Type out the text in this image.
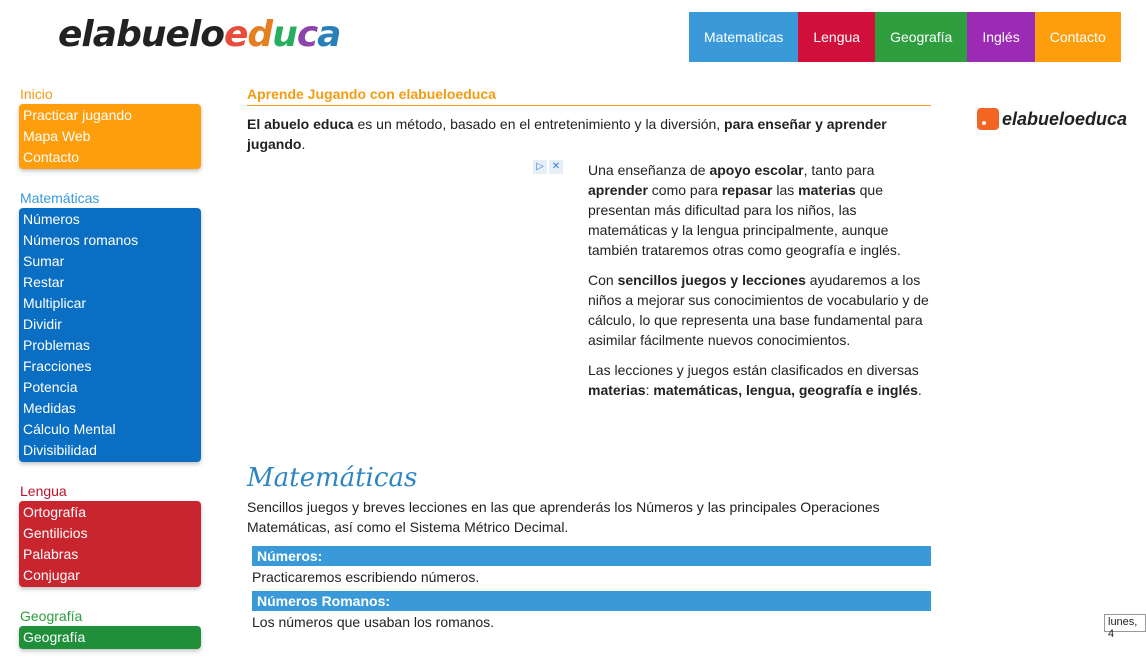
elabueloeduca	Matematicas	Lengua	Geografía	Inglés	Contacto
Inicio
Practicar jugando
Mapa Web
Contacto
Matemáticas
Números
Números romanos
Sumar
Restar
Multiplicar
Dividir
Problemas
Fracciones
Potencia
Medidas
Cálculo Mental
Divisibilidad
Lengua
Ortografía
Gentilicios
Palabras
Conjugar
Geografía
Geografía
Aprende Jugando con elabueloeduca

El abuelo educa es un método, basado en el entretenimiento y la diversión, para enseñar y aprender jugando.

▷ ✕ Una enseñanza de apoyo escolar, tanto para aprender como para repasar las materias que presentan más dificultad para los niños, las matemáticas y la lengua principalmente, aunque también trataremos otras como geografía e inglés.

Con sencillos juegos y lecciones ayudaremos a los niños a mejorar sus conocimientos de vocabulario y de cálculo, lo que representa una base fundamental para asimilar fácilmente nuevos conocimientos.

Las lecciones y juegos están clasificados en diversas materias: matemáticas, lengua, geografía e inglés.

Matemáticas
Sencillos juegos y breves lecciones en las que aprenderás los Números y las principales Operaciones Matemáticas, así como el Sistema Métrico Decimal.
Números:
Practicaremos escribiendo números.
Números Romanos:
Los números que usaban los romanos.
elabueloeduca
lunes, 4
